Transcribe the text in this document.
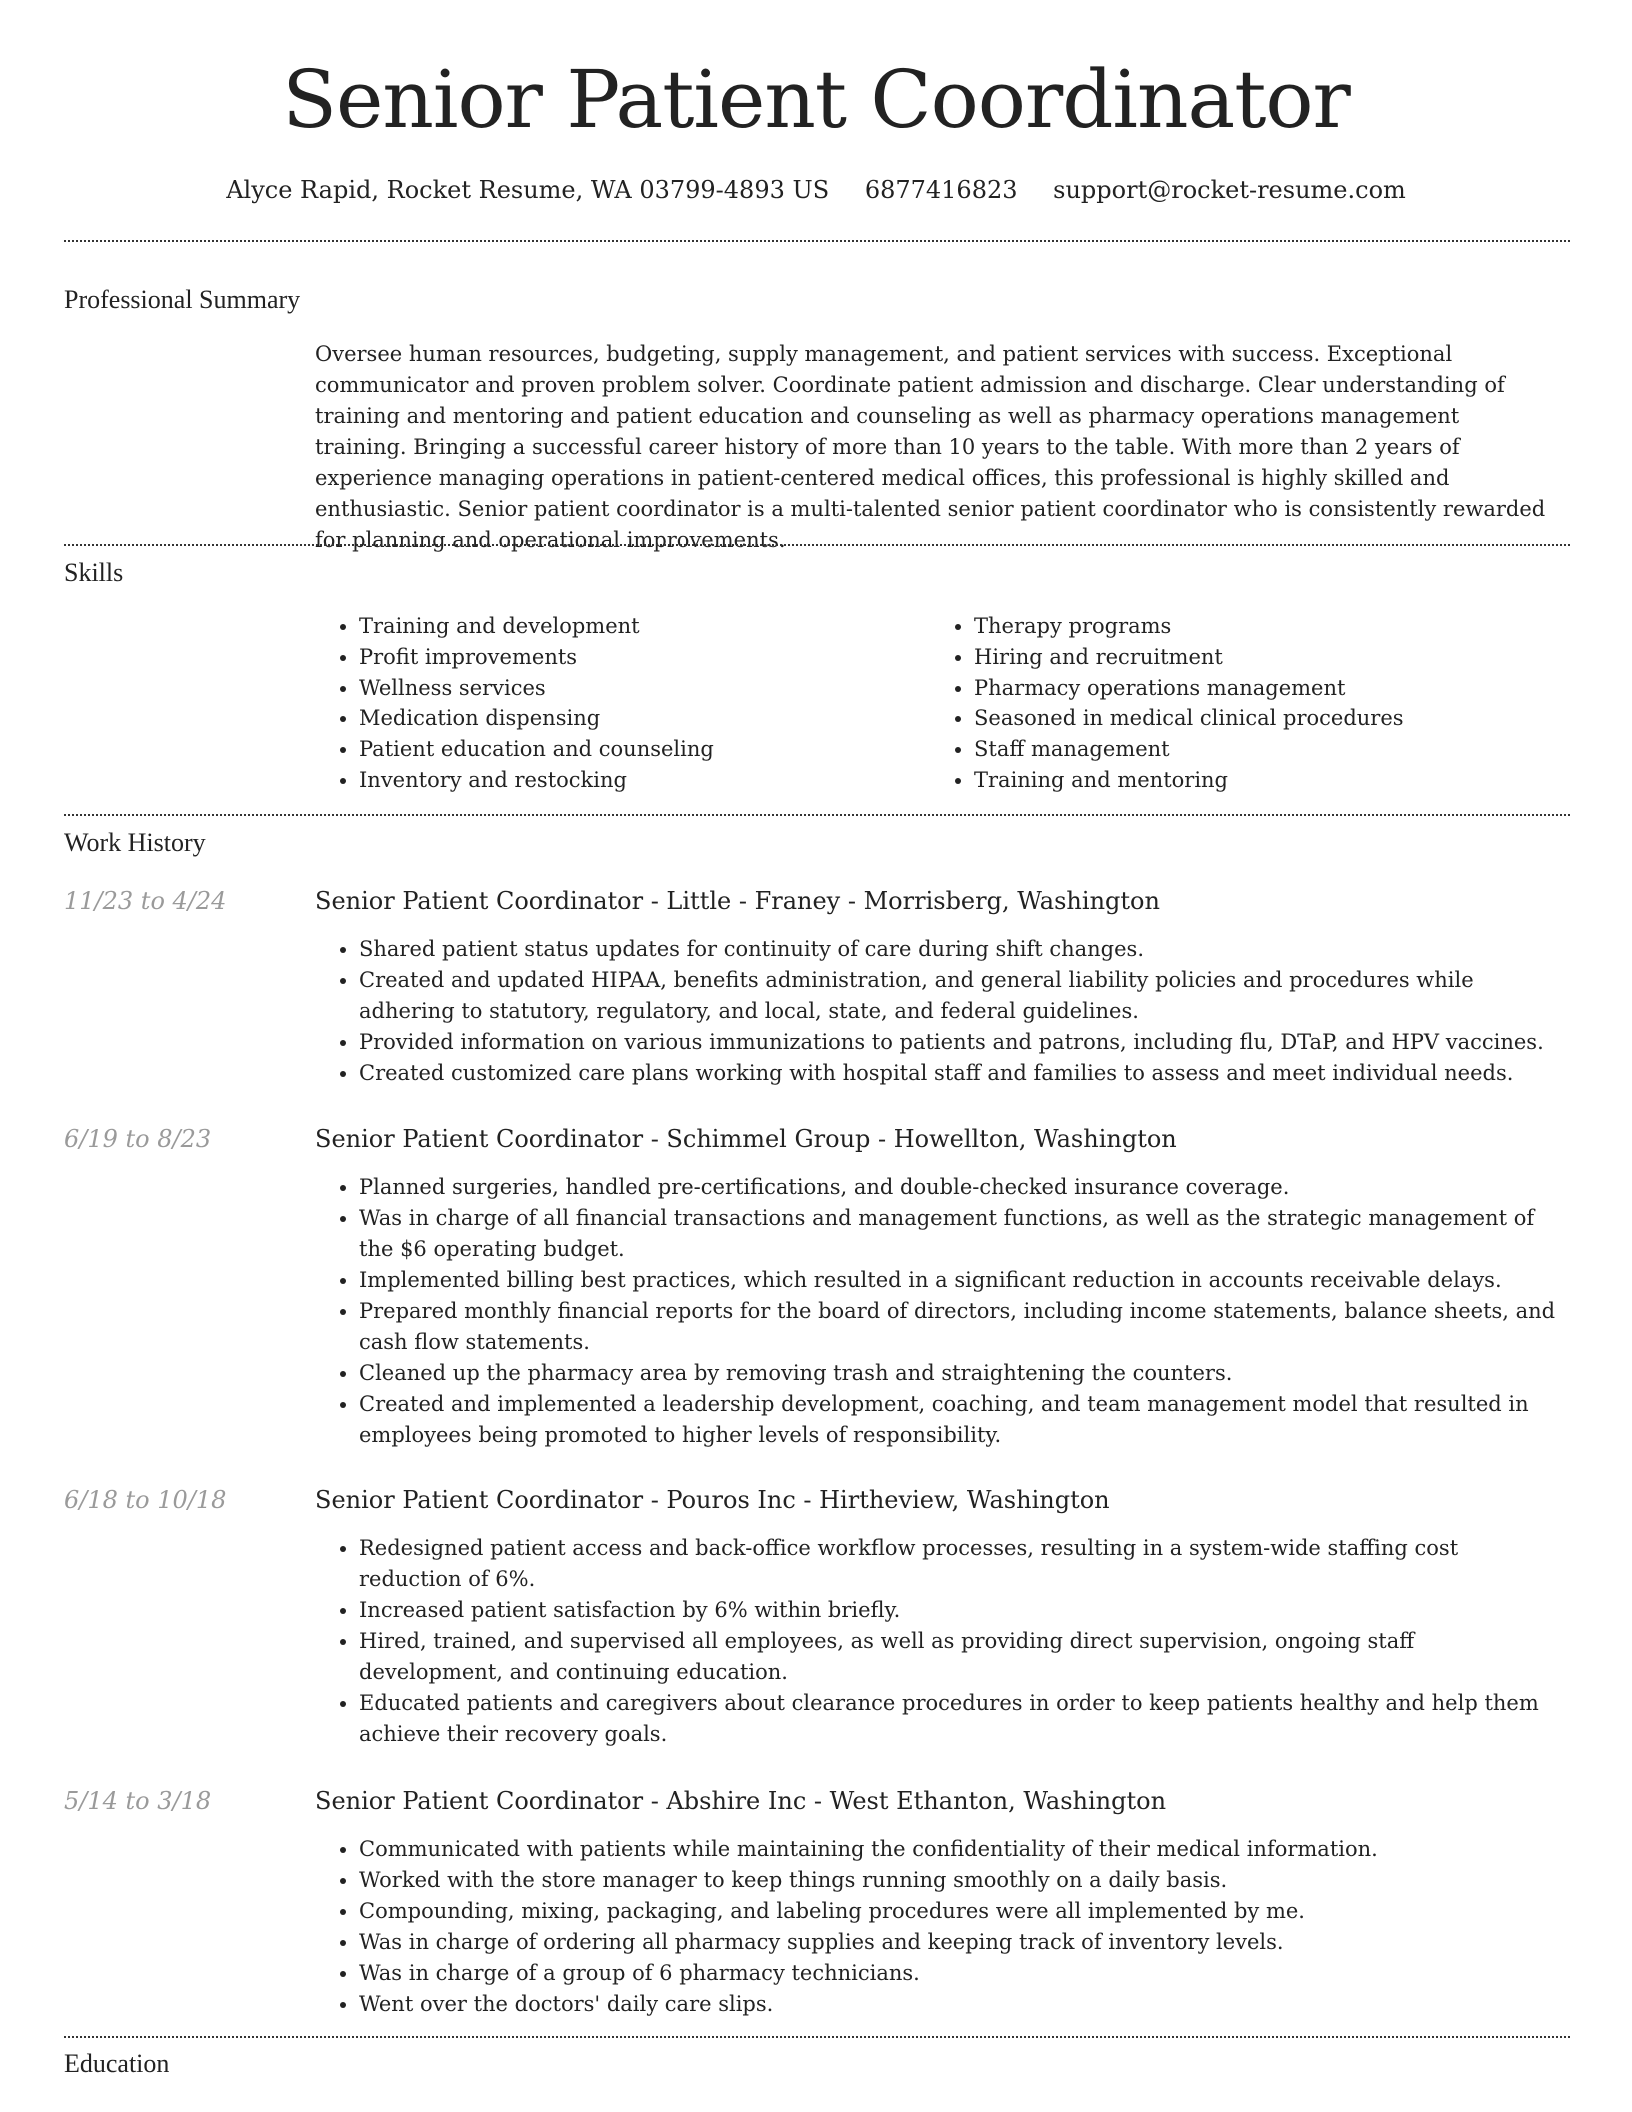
Senior Patient Coordinator
Alyce Rapid, Rocket Resume, WA 03799-4893 US 6877416823 support@rocket-resume.com
Professional Summary
Oversee human resources, budgeting, supply management, and patient services with success. Exceptional communicator and proven problem solver. Coordinate patient admission and discharge. Clear understanding of training and mentoring and patient education and counseling as well as pharmacy operations management training. Bringing a successful career history of more than 10 years to the table. With more than 2 years of experience managing operations in patient-centered medical offices, this professional is highly skilled and enthusiastic. Senior patient coordinator is a multi-talented senior patient coordinator who is consistently rewarded for planning and operational improvements.
Skills
• Training and development
• Profit improvements
• Wellness services
• Medication dispensing
• Patient education and counseling
• Inventory and restocking
• Therapy programs
• Hiring and recruitment
• Pharmacy operations management
• Seasoned in medical clinical procedures
• Staff management
• Training and mentoring
Work History
11/23 to 4/24	Senior Patient Coordinator - Little - Franey - Morrisberg, Washington
• Shared patient status updates for continuity of care during shift changes.
• Created and updated HIPAA, benefits administration, and general liability policies and procedures while adhering to statutory, regulatory, and local, state, and federal guidelines.
• Provided information on various immunizations to patients and patrons, including flu, DTaP, and HPV vaccines.
• Created customized care plans working with hospital staff and families to assess and meet individual needs.
6/19 to 8/23	Senior Patient Coordinator - Schimmel Group - Howellton, Washington
• Planned surgeries, handled pre-certifications, and double-checked insurance coverage.
• Was in charge of all financial transactions and management functions, as well as the strategic management of the $6 operating budget.
• Implemented billing best practices, which resulted in a significant reduction in accounts receivable delays.
• Prepared monthly financial reports for the board of directors, including income statements, balance sheets, and cash flow statements.
• Cleaned up the pharmacy area by removing trash and straightening the counters.
• Created and implemented a leadership development, coaching, and team management model that resulted in employees being promoted to higher levels of responsibility.
6/18 to 10/18	Senior Patient Coordinator - Pouros Inc - Hirtheview, Washington
• Redesigned patient access and back-office workflow processes, resulting in a system-wide staffing cost reduction of 6%.
• Increased patient satisfaction by 6% within briefly.
• Hired, trained, and supervised all employees, as well as providing direct supervision, ongoing staff development, and continuing education.
• Educated patients and caregivers about clearance procedures in order to keep patients healthy and help them achieve their recovery goals.
5/14 to 3/18	Senior Patient Coordinator - Abshire Inc - West Ethanton, Washington
• Communicated with patients while maintaining the confidentiality of their medical information.
• Worked with the store manager to keep things running smoothly on a daily basis.
• Compounding, mixing, packaging, and labeling procedures were all implemented by me.
• Was in charge of ordering all pharmacy supplies and keeping track of inventory levels.
• Was in charge of a group of 6 pharmacy technicians.
• Went over the doctors' daily care slips.
Education
